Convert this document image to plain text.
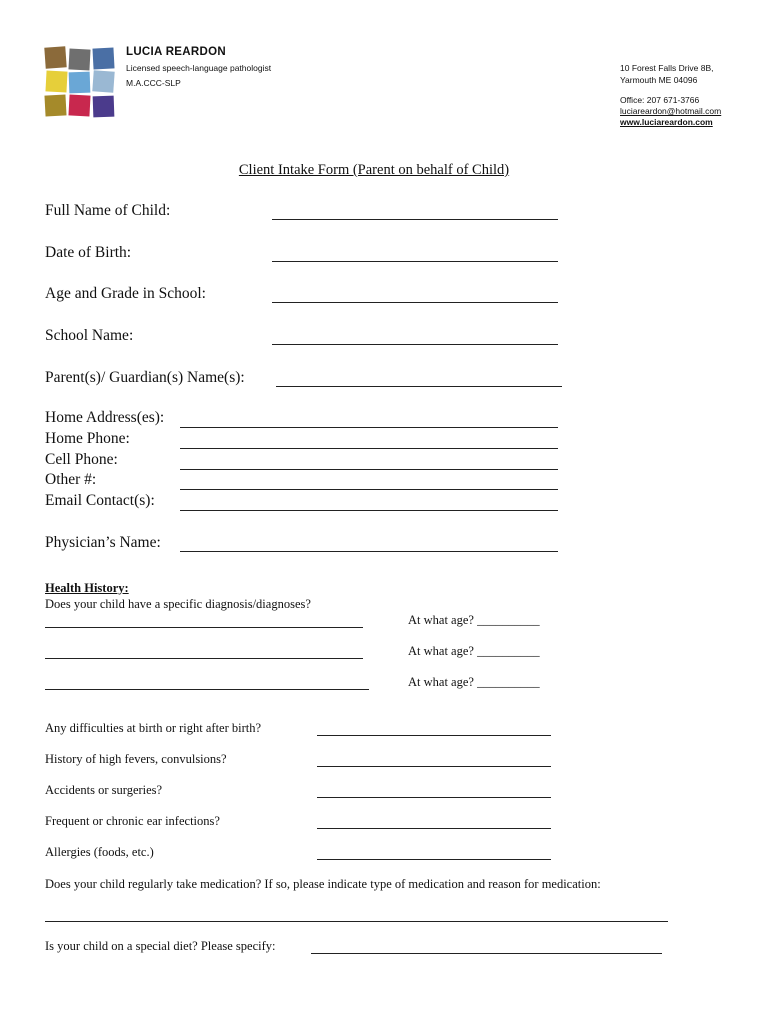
LUCIA REARDON
Licensed speech-language pathologist
M.A.CCC-SLP
10 Forest Falls Drive 8B,
Yarmouth ME 04096
Office: 207 671-3766
luciareardon@hotmail.com
www.luciareardon.com
Client Intake Form (Parent on behalf of Child)
Full Name of Child:
Date of Birth:
Age and Grade in School:
School Name:
Parent(s)/ Guardian(s) Name(s):
Home Address(es):
Home Phone:
Cell Phone:
Other #:
Email Contact(s):
Physician’s Name:
Health History:
Does your child have a specific diagnosis/diagnoses?
At what age? __________
At what age? __________
At what age? __________
Any difficulties at birth or right after birth?
History of high fevers, convulsions?
Accidents or surgeries?
Frequent or chronic ear infections?
Allergies (foods, etc.)
Does your child regularly take medication? If so, please indicate type of medication and reason for medication:
Is your child on a special diet? Please specify:
